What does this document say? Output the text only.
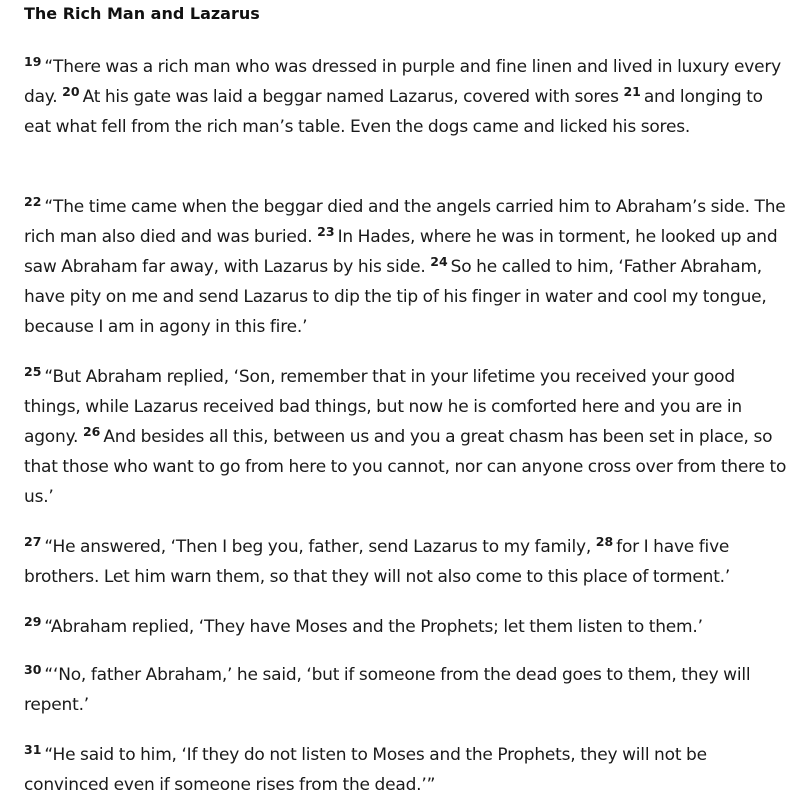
The Rich Man and Lazarus

$^{19}$ “There was a rich man who was dressed in purple and fine linen and lived in luxury every day. $^{20}$ At his gate was laid a beggar named Lazarus, covered with sores $^{21}$ and longing to eat what fell from the rich man’s table. Even the dogs came and licked his sores.

$^{22}$ “The time came when the beggar died and the angels carried him to Abraham’s side. The rich man also died and was buried. $^{23}$ In Hades, where he was in torment, he looked up and saw Abraham far away, with Lazarus by his side. $^{24}$ So he called to him, ‘Father Abraham, have pity on me and send Lazarus to dip the tip of his finger in water and cool my tongue, because I am in agony in this fire.’

$^{25}$ “But Abraham replied, ‘Son, remember that in your lifetime you received your good things, while Lazarus received bad things, but now he is comforted here and you are in agony. $^{26}$ And besides all this, between us and you a great chasm has been set in place, so that those who want to go from here to you cannot, nor can anyone cross over from there to us.’

$^{27}$ “He answered, ‘Then I beg you, father, send Lazarus to my family, $^{28}$ for I have five brothers. Let him warn them, so that they will not also come to this place of torment.’

$^{29}$ “Abraham replied, ‘They have Moses and the Prophets; let them listen to them.’

$^{30}$ “‘No, father Abraham,’ he said, ‘but if someone from the dead goes to them, they will repent.’

$^{31}$ “He said to him, ‘If they do not listen to Moses and the Prophets, they will not be convinced even if someone rises from the dead.’”
